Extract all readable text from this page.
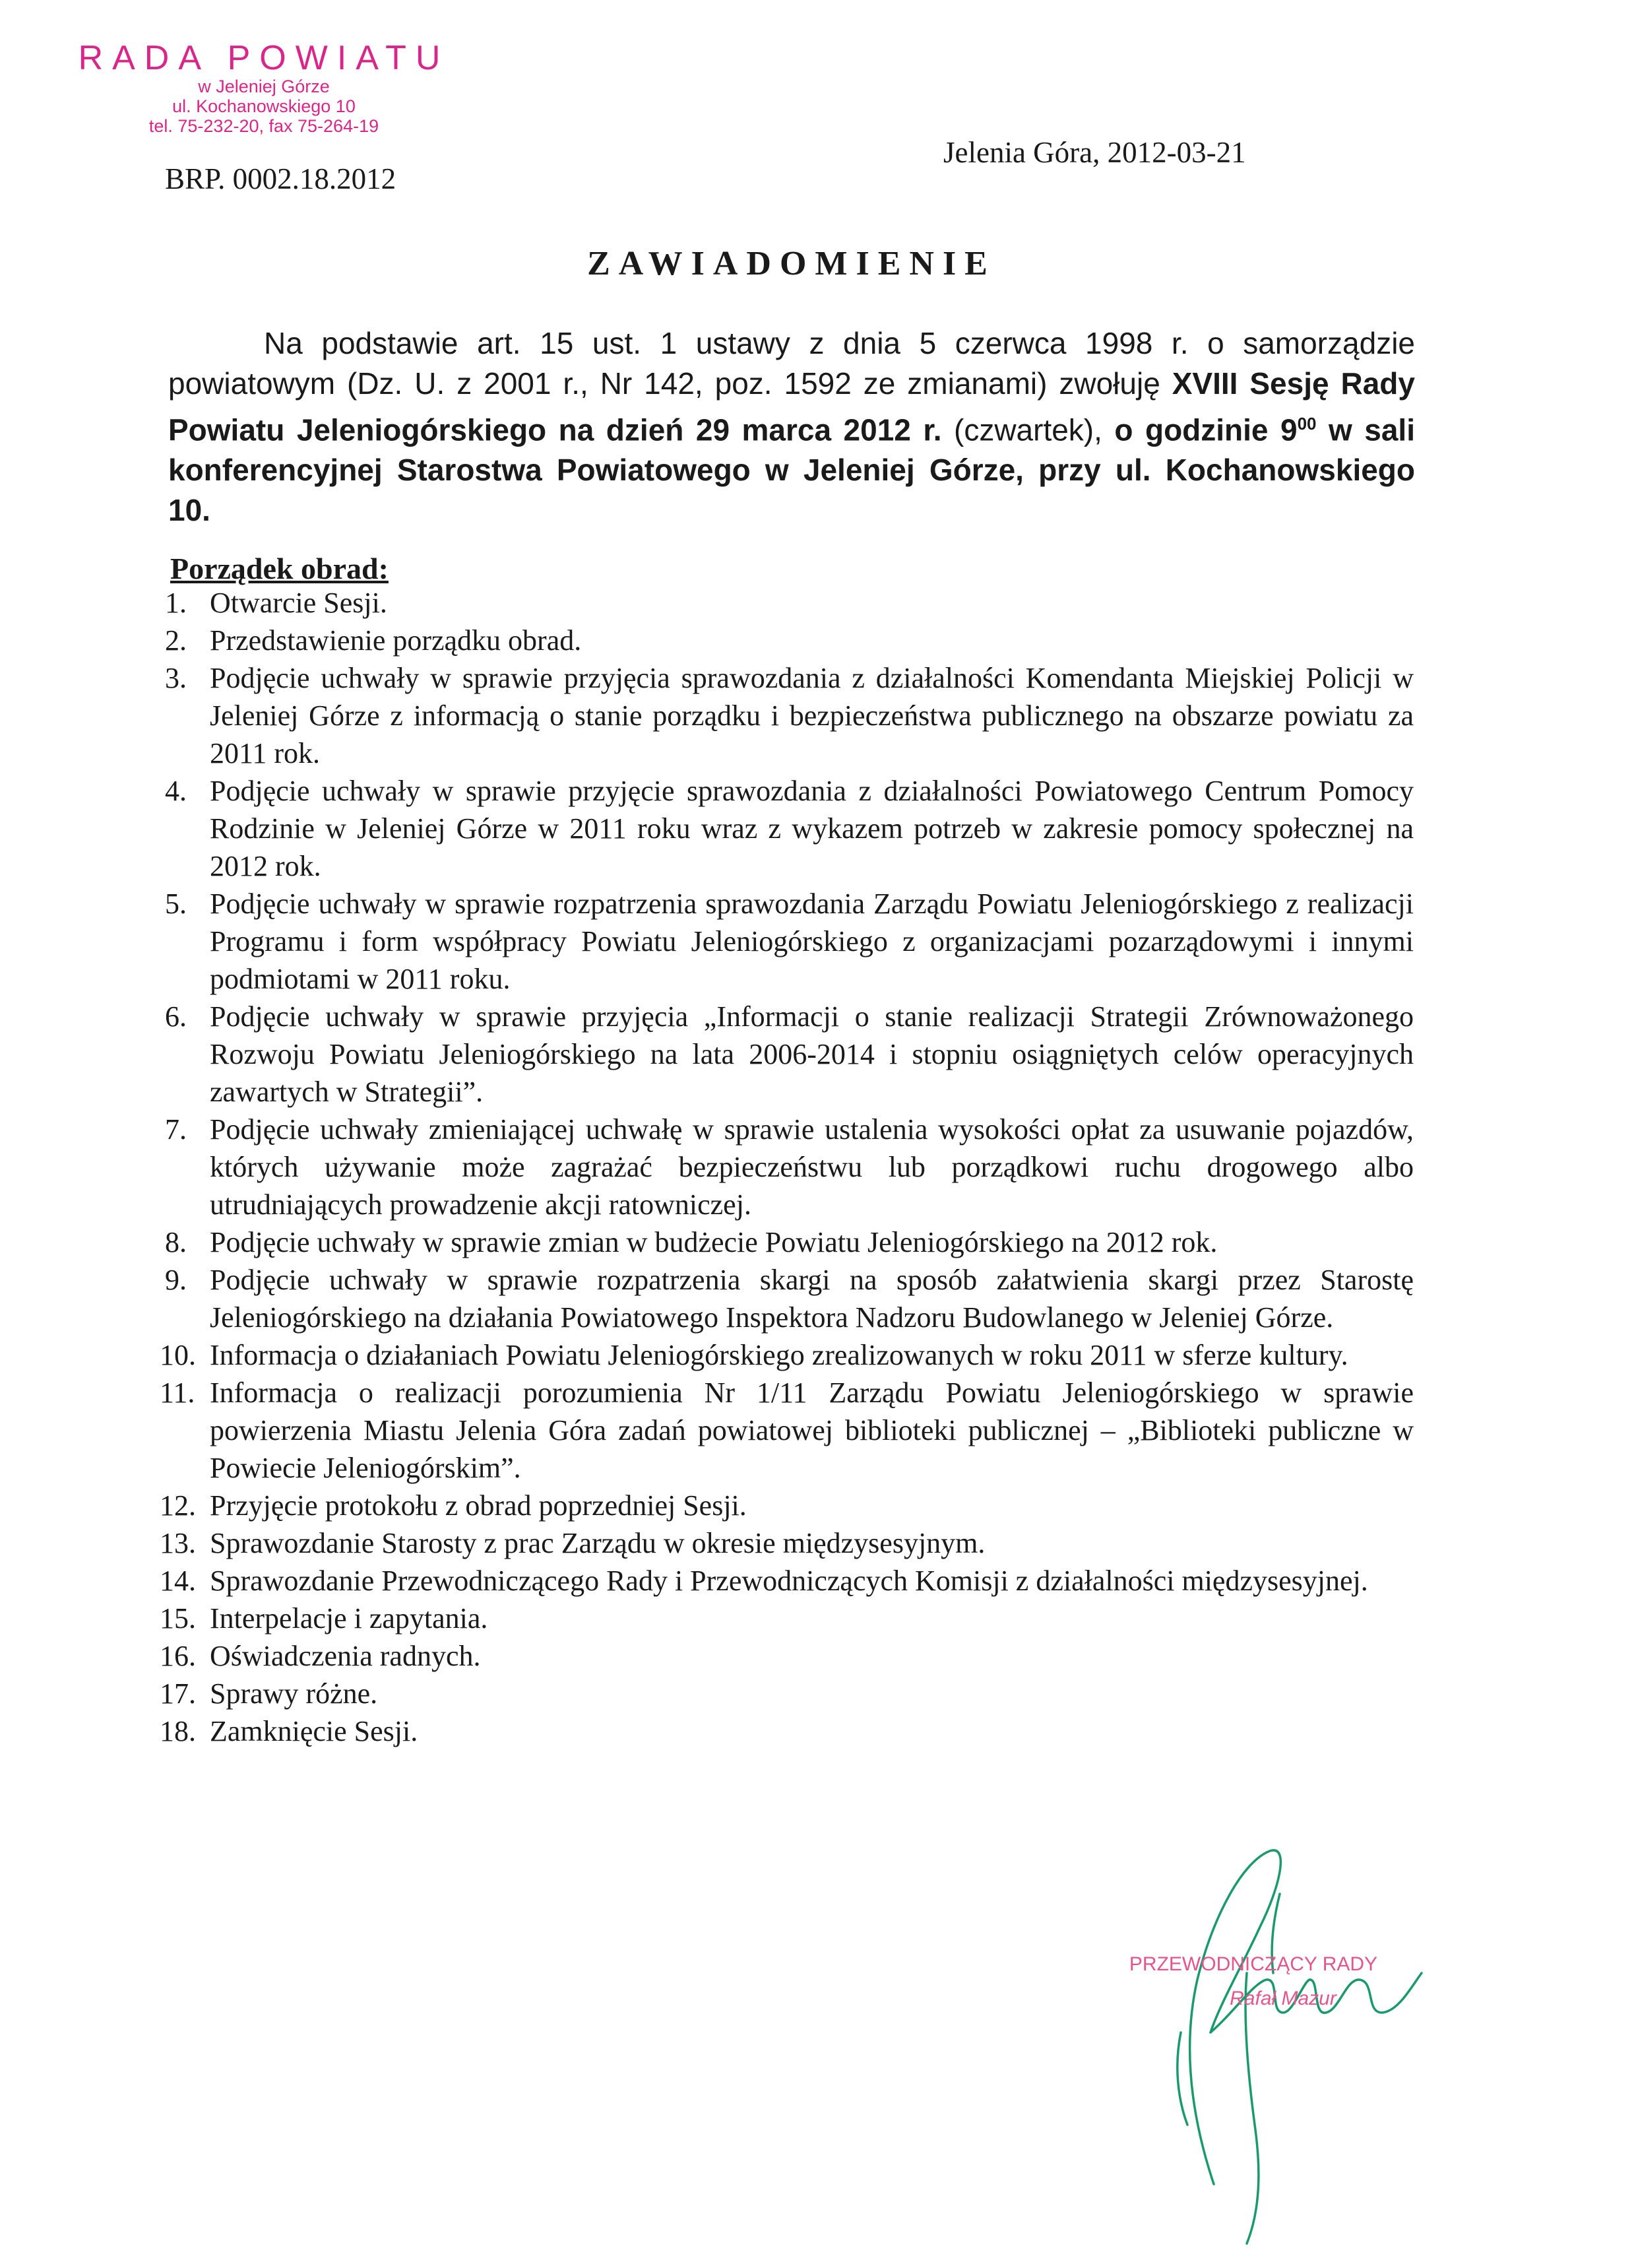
RADA POWIATU
w Jeleniej Górze
ul. Kochanowskiego 10
tel. 75-232-20, fax 75-264-19
BRP. 0002.18.2012
Jelenia Góra, 2012-03-21
ZAWIADOMIENIE
Na podstawie art. 15 ust. 1 ustawy z dnia 5 czerwca 1998 r. o samorządzie powiatowym (Dz. U. z 2001 r., Nr 142, poz. 1592 ze zmianami) zwołuję XVIII Sesję Rady Powiatu Jeleniogórskiego na dzień 29 marca 2012 r. (czwartek), o godzinie $9^{00}$ w sali konferencyjnej Starostwa Powiatowego w Jeleniej Górze, przy ul. Kochanowskiego 10.
Porządek obrad:
1. Otwarcie Sesji.
2. Przedstawienie porządku obrad.
3. Podjęcie uchwały w sprawie przyjęcia sprawozdania z działalności Komendanta Miejskiej Policji w Jeleniej Górze z informacją o stanie porządku i bezpieczeństwa publicznego na obszarze powiatu za 2011 rok.
4. Podjęcie uchwały w sprawie przyjęcie sprawozdania z działalności Powiatowego Centrum Pomocy Rodzinie w Jeleniej Górze w 2011 roku wraz z wykazem potrzeb w zakresie pomocy społecznej na 2012 rok.
5. Podjęcie uchwały w sprawie rozpatrzenia sprawozdania Zarządu Powiatu Jeleniogórskiego z realizacji Programu i form współpracy Powiatu Jeleniogórskiego z organizacjami pozarządowymi i innymi podmiotami w 2011 roku.
6. Podjęcie uchwały w sprawie przyjęcia „Informacji o stanie realizacji Strategii Zrównoważonego Rozwoju Powiatu Jeleniogórskiego na lata 2006-2014 i stopniu osiągniętych celów operacyjnych zawartych w Strategii”.
7. Podjęcie uchwały zmieniającej uchwałę w sprawie ustalenia wysokości opłat za usuwanie pojazdów, których używanie może zagrażać bezpieczeństwu lub porządkowi ruchu drogowego albo utrudniających prowadzenie akcji ratowniczej.
8. Podjęcie uchwały w sprawie zmian w budżecie Powiatu Jeleniogórskiego na 2012 rok.
9. Podjęcie uchwały w sprawie rozpatrzenia skargi na sposób załatwienia skargi przez Starostę Jeleniogórskiego na działania Powiatowego Inspektora Nadzoru Budowlanego w Jeleniej Górze.
10. Informacja o działaniach Powiatu Jeleniogórskiego zrealizowanych w roku 2011 w sferze kultury.
11. Informacja o realizacji porozumienia Nr 1/11 Zarządu Powiatu Jeleniogórskiego w sprawie powierzenia Miastu Jelenia Góra zadań powiatowej biblioteki publicznej – „Biblioteki publiczne w Powiecie Jeleniogórskim”.
12. Przyjęcie protokołu z obrad poprzedniej Sesji.
13. Sprawozdanie Starosty z prac Zarządu w okresie międzysesyjnym.
14. Sprawozdanie Przewodniczącego Rady i Przewodniczących Komisji z działalności międzysesyjnej.
15. Interpelacje i zapytania.
16. Oświadczenia radnych.
17. Sprawy różne.
18. Zamknięcie Sesji.
PRZEWODNICZĄCY RADY
Rafał Mazur
